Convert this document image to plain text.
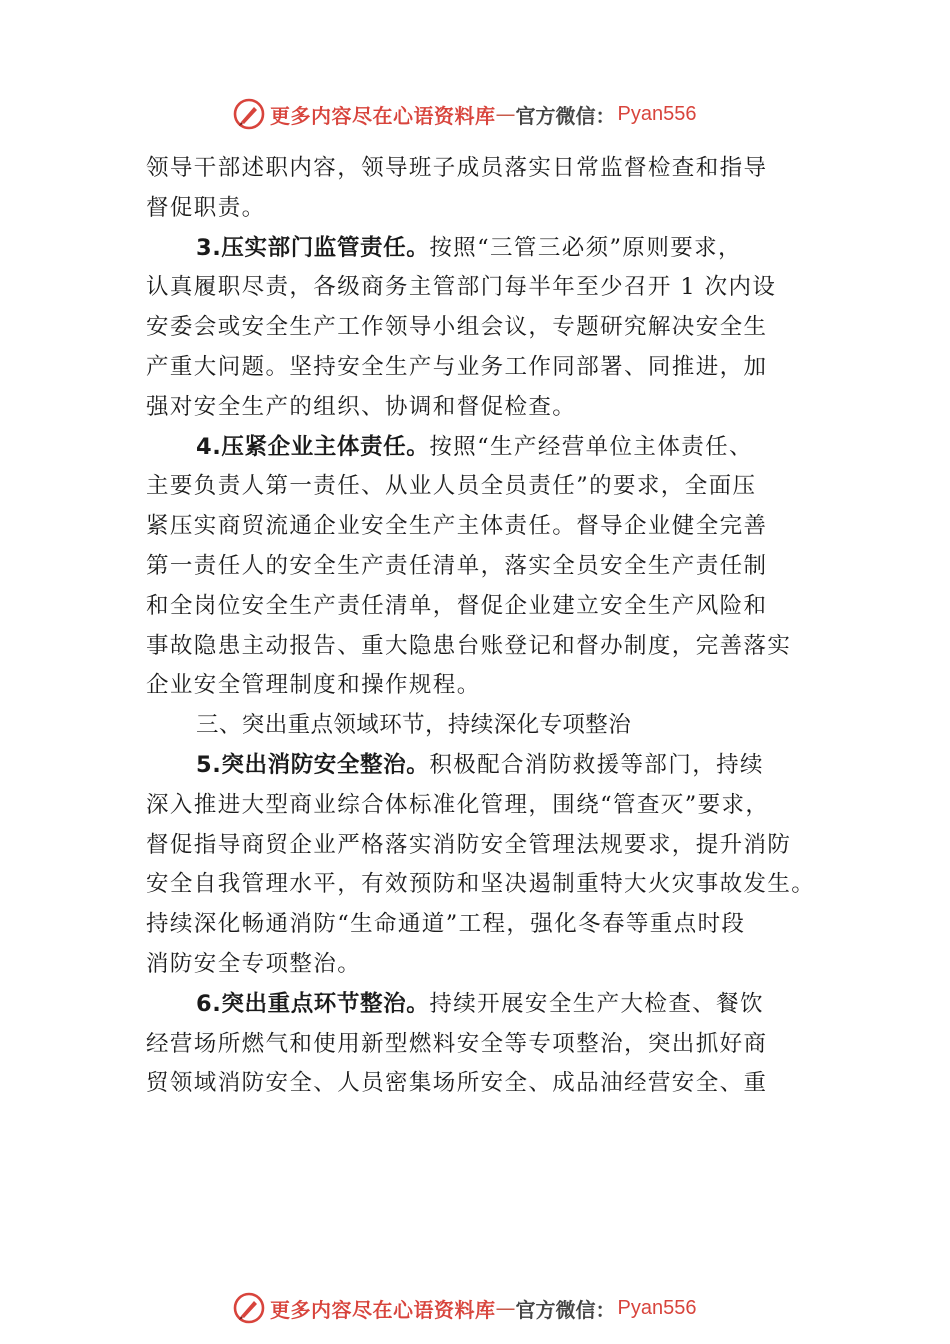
更多内容尽在心语资料库 — 官方微信： Pyan556
领导干部述职内容，领导班子成员落实日常监督检查和指导
督促职责。
3.压实部门监管责任。按照“三管三必须”原则要求，
认真履职尽责，各级商务主管部门每半年至少召开 1 次内设
安委会或安全生产工作领导小组会议，专题研究解决安全生
产重大问题。坚持安全生产与业务工作同部署、同推进，加
强对安全生产的组织、协调和督促检查。
4.压紧企业主体责任。按照“生产经营单位主体责任、
主要负责人第一责任、从业人员全员责任”的要求，全面压
紧压实商贸流通企业安全生产主体责任。督导企业健全完善
第一责任人的安全生产责任清单，落实全员安全生产责任制
和全岗位安全生产责任清单，督促企业建立安全生产风险和
事故隐患主动报告、重大隐患台账登记和督办制度，完善落实
企业安全管理制度和操作规程。
三、突出重点领域环节，持续深化专项整治
5.突出消防安全整治。积极配合消防救援等部门，持续
深入推进大型商业综合体标准化管理，围绕“管查灭”要求，
督促指导商贸企业严格落实消防安全管理法规要求，提升消防
安全自我管理水平，有效预防和坚决遏制重特大火灾事故发生。
持续深化畅通消防“生命通道”工程，强化冬春等重点时段
消防安全专项整治。
6.突出重点环节整治。持续开展安全生产大检查、餐饮
经营场所燃气和使用新型燃料安全等专项整治，突出抓好商
贸领域消防安全、人员密集场所安全、成品油经营安全、重
更多内容尽在心语资料库 — 官方微信： Pyan556
